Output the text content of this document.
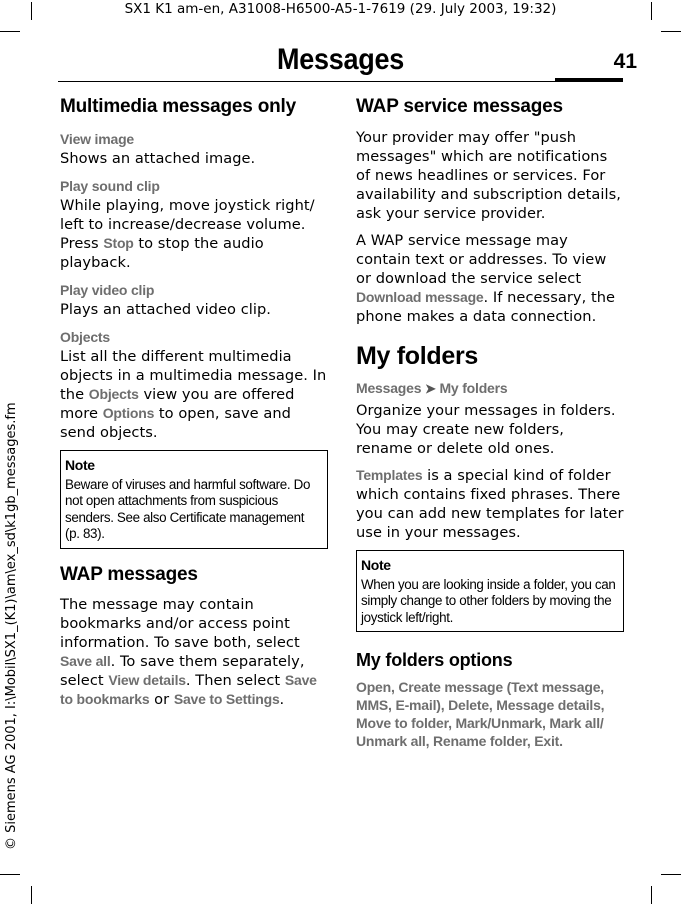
SX1 K1 am-en, A31008-H6500-A5-1-7619 (29. July 2003, 19:32)
Messages	41
© Siemens AG 2001, I:\Mobil\SX1_(K1)\am\ex_sd\k1gb_messages.fm
Multimedia messages only
View image

Shows an attached image.

Play sound clip

While playing, move joystick right/ left to increase/decrease volume. Press Stop to stop the audio playback.

Play video clip

Plays an attached video clip.

Objects

List all the different multimedia objects in a multimedia message. In the Objects view you are offered more Options to open, save and send objects.

Note
Beware of viruses and harmful software. Do not open attachments from suspicious senders. See also Certificate management (p. 83).
WAP messages

The message may contain bookmarks and/or access point information. To save both, select Save all. To save them separately, select View details. Then select Save to bookmarks or Save to Settings.

WAP service messages

Your provider may offer "push messages" which are notifications of news headlines or services. For availability and subscription details, ask your service provider.

A WAP service message may contain text or addresses. To view or download the service select Download message. If necessary, the phone makes a data connection.

My folders
Messages ➤ My folders

Organize your messages in folders. You may create new folders, rename or delete old ones.

Templates is a special kind of folder which contains fixed phrases. There you can add new templates for later use in your messages.

Note
When you are looking inside a folder, you can simply change to other folders by moving the joystick left/right.
My folders options
Open, Create message (Text message, MMS, E-mail), Delete, Message details, Move to folder, Mark/Unmark, Mark all/ Unmark all, Rename folder, Exit.
